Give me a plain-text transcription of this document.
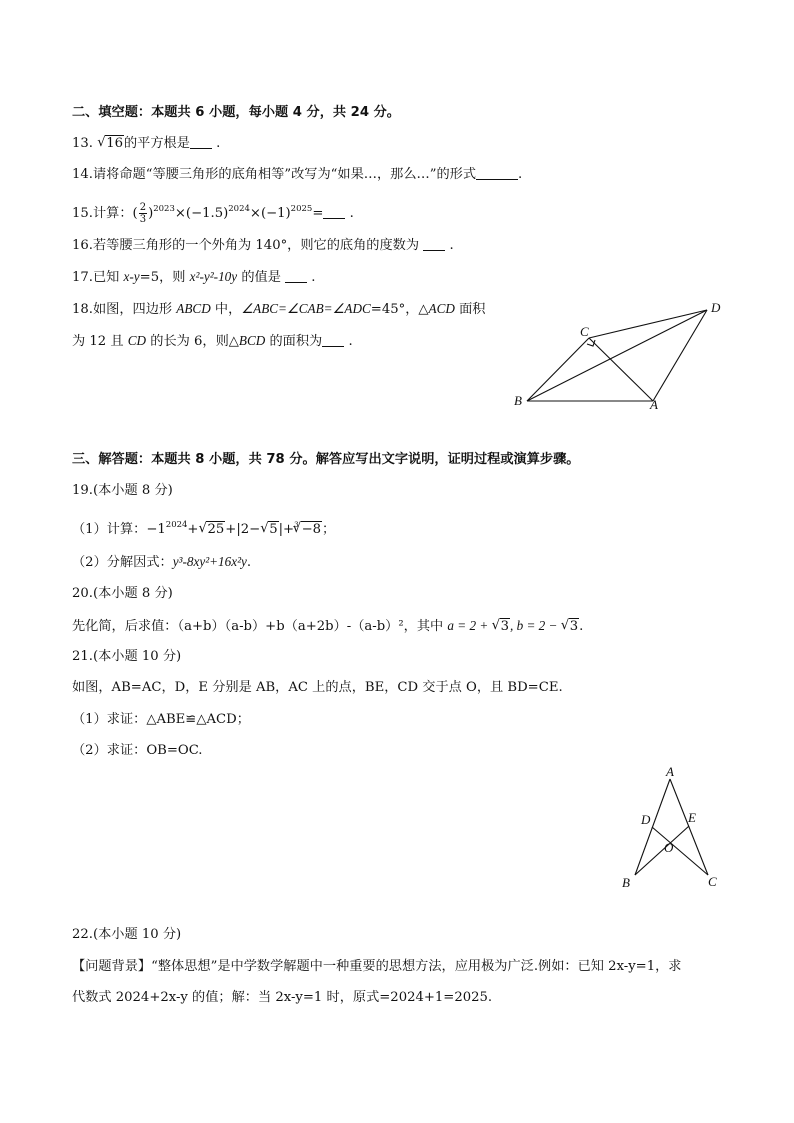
二、填空题：本题共 6 小题，每小题 4 分，共 24 分。
13. √ 16的平方根是 .
14.请将命题“等腰三角形的底角相等”改写为“如果…，那么…”的形式	.
15.计算：( $\frac{2}{3} )^{2023}\times(-1.5)^{2024}\times(-1)^{2025}=$ .
16.若等腰三角形的一个外角为 140°，则它的底角的度数为 .
17.已知 x-y=5，则 x²-y²-10y 的值是 .
18.如图，四边形 ABCD 中，∠ABC=∠CAB=∠ADC=45°，△ACD 面积
为 12 且 CD 的长为 6，则△BCD 的面积为 .
C
D
B	A
三、解答题：本题共 8 小题，共 78 分。解答应写出文字说明，证明过程或演算步骤。
19.(本小题 8 分)
（1）计算：$-1^{2024}+√$ 25+|2−√ 5|+$^3$√ −8；
（2）分解因式：y³-8xy²+16x²y.
20.(本小题 8 分)
先化简，后求值：（a+b）（a-b）+b（a+2b）-（a-b）²，其中 a = 2 + √ 3, b = 2 − √ 3.
21.(本小题 10 分)
如图，AB=AC，D，E 分别是 AB，AC 上的点，BE，CD 交于点 O，且 BD=CE.
（1）求证：△ABE≌△ACD；
（2）求证：OB=OC.
A
D	E
O
B	C
22.(本小题 10 分)
【问题背景】“整体思想”是中学数学解题中一种重要的思想方法，应用极为广泛.例如：已知 2x-y=1，求
代数式 2024+2x-y 的值；解：当 2x-y=1 时，原式=2024+1=2025.
